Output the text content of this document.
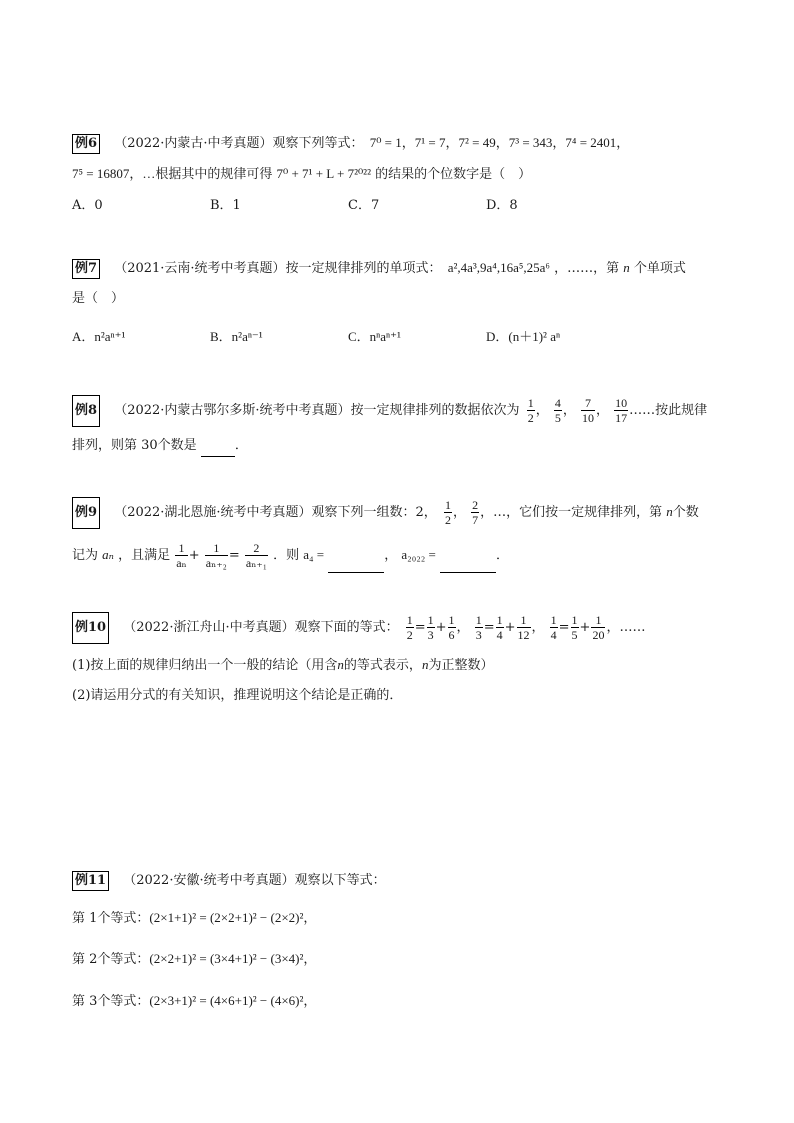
例6 （2022·内蒙古·中考真题）观察下列等式： 7⁰ = 1，7¹ = 7，7² = 49，7³ = 343，7⁴ = 2401，
7⁵ = 16807，…根据其中的规律可得 7⁰ + 7¹ + L + 7²⁰²² 的结果的个位数字是（　）
A．0	B．1	C．7	D．8
例7 （2021·云南·统考中考真题）按一定规律排列的单项式： a²,4a³,9a⁴,16a⁵,25a⁶ ，……，第 n 个单项式
是（　）
A．n²aⁿ⁺¹	B．n²aⁿ⁻¹	C．nⁿaⁿ⁺¹	D．(n＋1)² aⁿ
例8 （2022·内蒙古鄂尔多斯·统考中考真题）按一定规律排列的数据依次为 $\frac{1}{2}$ ， $\frac{4}{5}$ ， $\frac{7}{10}$ ， $\frac{10}{17}$ ……按此规律
排列，则第 30个数是	．
例9 （2022·湖北恩施·统考中考真题）观察下列一组数：2， $\frac{1}{2}$ ， $\frac{2}{7}$ ，…，它们按一定规律排列，第 n个数
记为 aₙ ，且满足 $\frac{1}{\text{aₙ}} + \frac{1}{\text{aₙ₊₂}} = \frac{2}{\text{aₙ₊₁}}$ ．则 a₄ =	， a₂₀₂₂ =	．
例10 （2022·浙江舟山·中考真题）观察下面的等式： $\frac{1}{2} = \frac{1}{3} + \frac{1}{6}$ ， $\frac{1}{3} = \frac{1}{4} + \frac{1}{12}$ ， $\frac{1}{4} = \frac{1}{5} + \frac{1}{20}$ ，……
(1)按上面的规律归纳出一个一般的结论（用含n的等式表示，n为正整数）
(2)请运用分式的有关知识，推理说明这个结论是正确的．
例11 （2022·安徽·统考中考真题）观察以下等式：
第 1个等式：(2×1+1)² = (2×2+1)² − (2×2)²，
第 2个等式：(2×2+1)² = (3×4+1)² − (3×4)²，
第 3个等式：(2×3+1)² = (4×6+1)² − (4×6)²，
